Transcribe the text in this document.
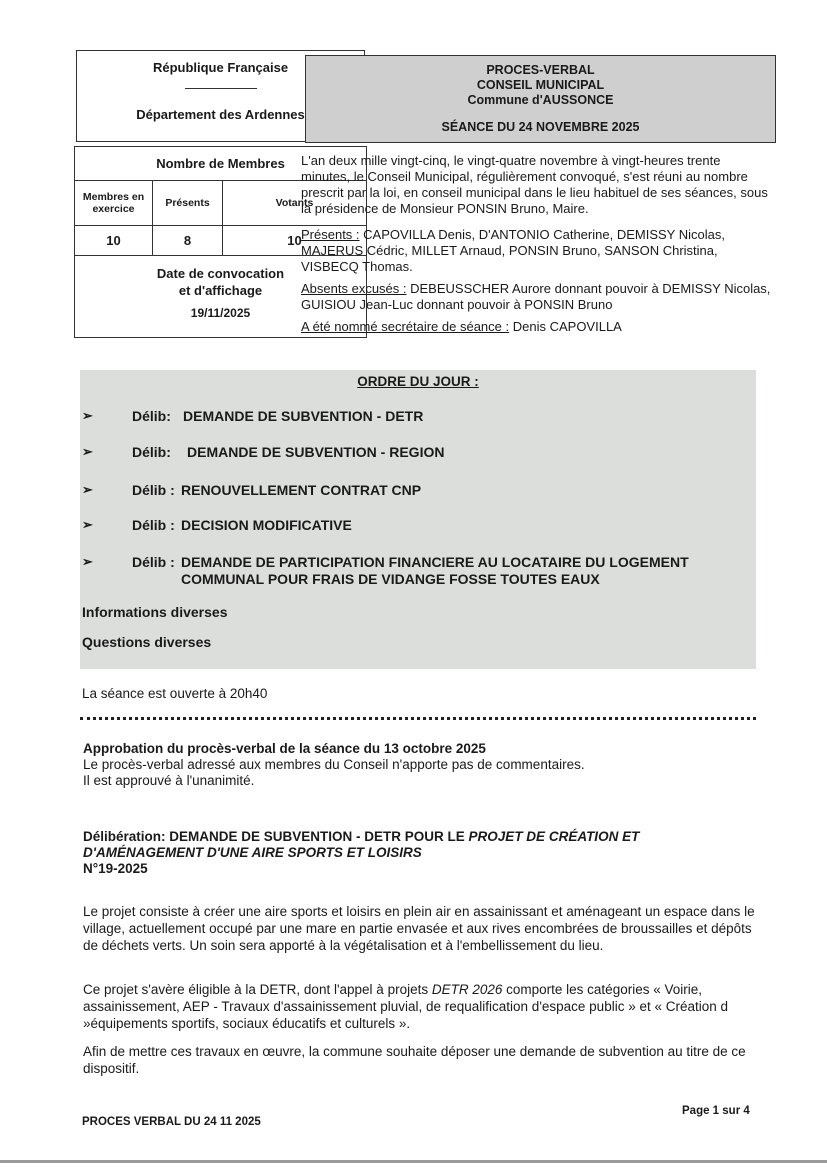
République Française
Département des Ardennes
Nombre de Membres
Membres en exercice	Présents	Votants
10	8	10
Date de convocation
et d'affichage
19/11/2025
PROCES-VERBAL
CONSEIL MUNICIPAL
Commune d'AUSSONCE
SÉANCE DU 24 NOVEMBRE 2025

L'an deux mille vingt-cinq, le vingt-quatre novembre à vingt-heures trente minutes, le Conseil Municipal, régulièrement convoqué, s'est réuni au nombre prescrit par la loi, en conseil municipal dans le lieu habituel de ses séances, sous la présidence de Monsieur PONSIN Bruno, Maire.

Présents : CAPOVILLA Denis, D'ANTONIO Catherine, DEMISSY Nicolas, MAJERUS Cédric, MILLET Arnaud, PONSIN Bruno, SANSON Christina, VISBECQ Thomas.

Absents excusés : DEBEUSSCHER Aurore donnant pouvoir à DEMISSY Nicolas, GUISIOU Jean-Luc donnant pouvoir à PONSIN Bruno

A été nommé secrétaire de séance : Denis CAPOVILLA

ORDRE DU JOUR :
➢	Délib: DEMANDE DE SUBVENTION - DETR
➢	Délib: DEMANDE DE SUBVENTION - REGION
➢	Délib : RENOUVELLEMENT CONTRAT CNP
➢	Délib : DECISION MODIFICATIVE
➢	Délib : DEMANDE DE PARTICIPATION FINANCIERE AU LOCATAIRE DU LOGEMENT COMMUNAL POUR FRAIS DE VIDANGE FOSSE TOUTES EAUX
Informations diverses
Questions diverses
La séance est ouverte à 20h40
Approbation du procès-verbal de la séance du 13 octobre 2025
Le procès-verbal adressé aux membres du Conseil n'apporte pas de commentaires.
Il est approuvé à l'unanimité.
Délibération: DEMANDE DE SUBVENTION - DETR POUR LE PROJET DE CRÉATION ET
D'AMÉNAGEMENT D'UNE AIRE SPORTS ET LOISIRS
N°19-2025
Le projet consiste à créer une aire sports et loisirs en plein air en assainissant et aménageant un espace dans le village, actuellement occupé par une mare en partie envasée et aux rives encombrées de broussailles et dépôts de déchets verts. Un soin sera apporté à la végétalisation et à l'embellissement du lieu.
Ce projet s'avère éligible à la DETR, dont l'appel à projets DETR 2026 comporte les catégories « Voirie, assainissement, AEP - Travaux d'assainissement pluvial, de requalification d'espace public » et « Création d »équipements sportifs, sociaux éducatifs et culturels ».
Afin de mettre ces travaux en œuvre, la commune souhaite déposer une demande de subvention au titre de ce dispositif.
Page 1 sur 4
PROCES VERBAL DU 24 11 2025
